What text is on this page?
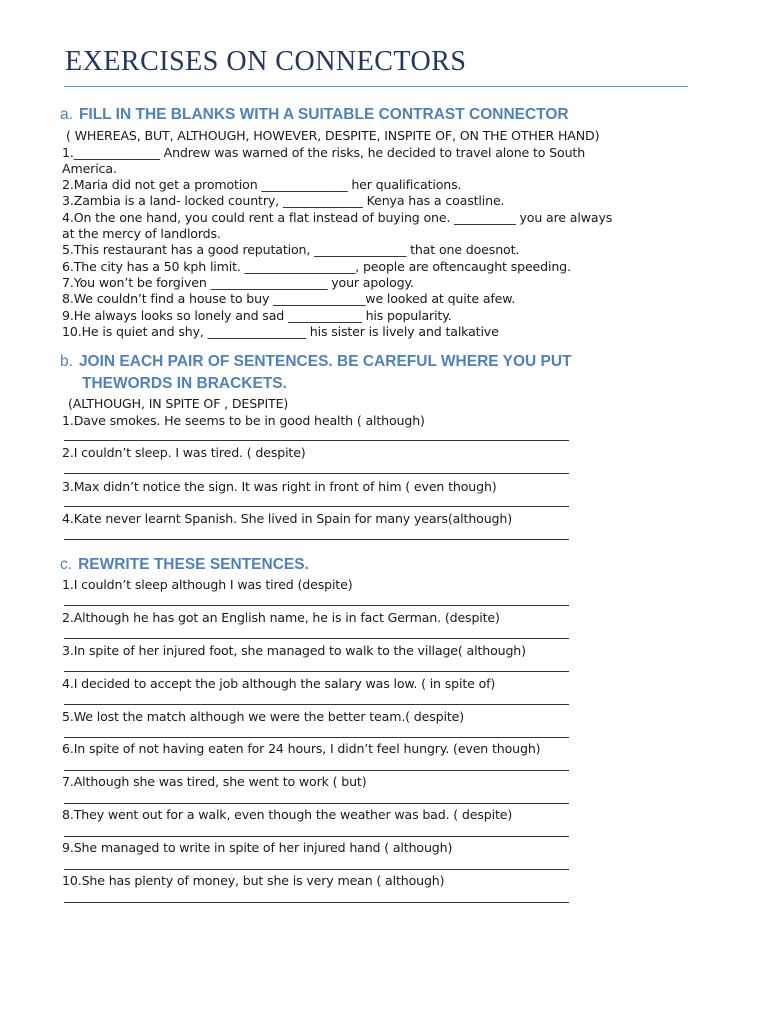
EXERCISES ON CONNECTORS
a. FILL IN THE BLANKS WITH A SUITABLE CONTRAST CONNECTOR
( WHEREAS, BUT, ALTHOUGH, HOWEVER, DESPITE, INSPITE OF, ON THE OTHER HAND)
1.______________ Andrew was warned of the risks, he decided to travel alone to South
America.
2.Maria did not get a promotion ______________ her qualifications.
3.Zambia is a land- locked country, _____________ Kenya has a coastline.
4.On the one hand, you could rent a flat instead of buying one. __________ you are always
at the mercy of landlords.
5.This restaurant has a good reputation, _______________ that one doesnot.
6.The city has a 50 kph limit. __________________, people are oftencaught speeding.
7.You won’t be forgiven ___________________ your apology.
8.We couldn’t find a house to buy _______________we looked at quite afew.
9.He always looks so lonely and sad ____________ his popularity.
10.He is quiet and shy, ________________ his sister is lively and talkative
b. JOIN EACH PAIR OF SENTENCES. BE CAREFUL WHERE YOU PUT
THEWORDS IN BRACKETS.
(ALTHOUGH, IN SPITE OF , DESPITE)
1.Dave smokes. He seems to be in good health ( although)
2.I couldn’t sleep. I was tired. ( despite)
3.Max didn’t notice the sign. It was right in front of him ( even though)
4.Kate never learnt Spanish. She lived in Spain for many years(although)
c. REWRITE THESE SENTENCES.
1.I couldn’t sleep although I was tired (despite)
2.Although he has got an English name, he is in fact German. (despite)
3.In spite of her injured foot, she managed to walk to the village( although)
4.I decided to accept the job although the salary was low. ( in spite of)
5.We lost the match although we were the better team.( despite)
6.In spite of not having eaten for 24 hours, I didn’t feel hungry. (even though)
7.Although she was tired, she went to work ( but)
8.They went out for a walk, even though the weather was bad. ( despite)
9.She managed to write in spite of her injured hand ( although)
10.She has plenty of money, but she is very mean ( although)
